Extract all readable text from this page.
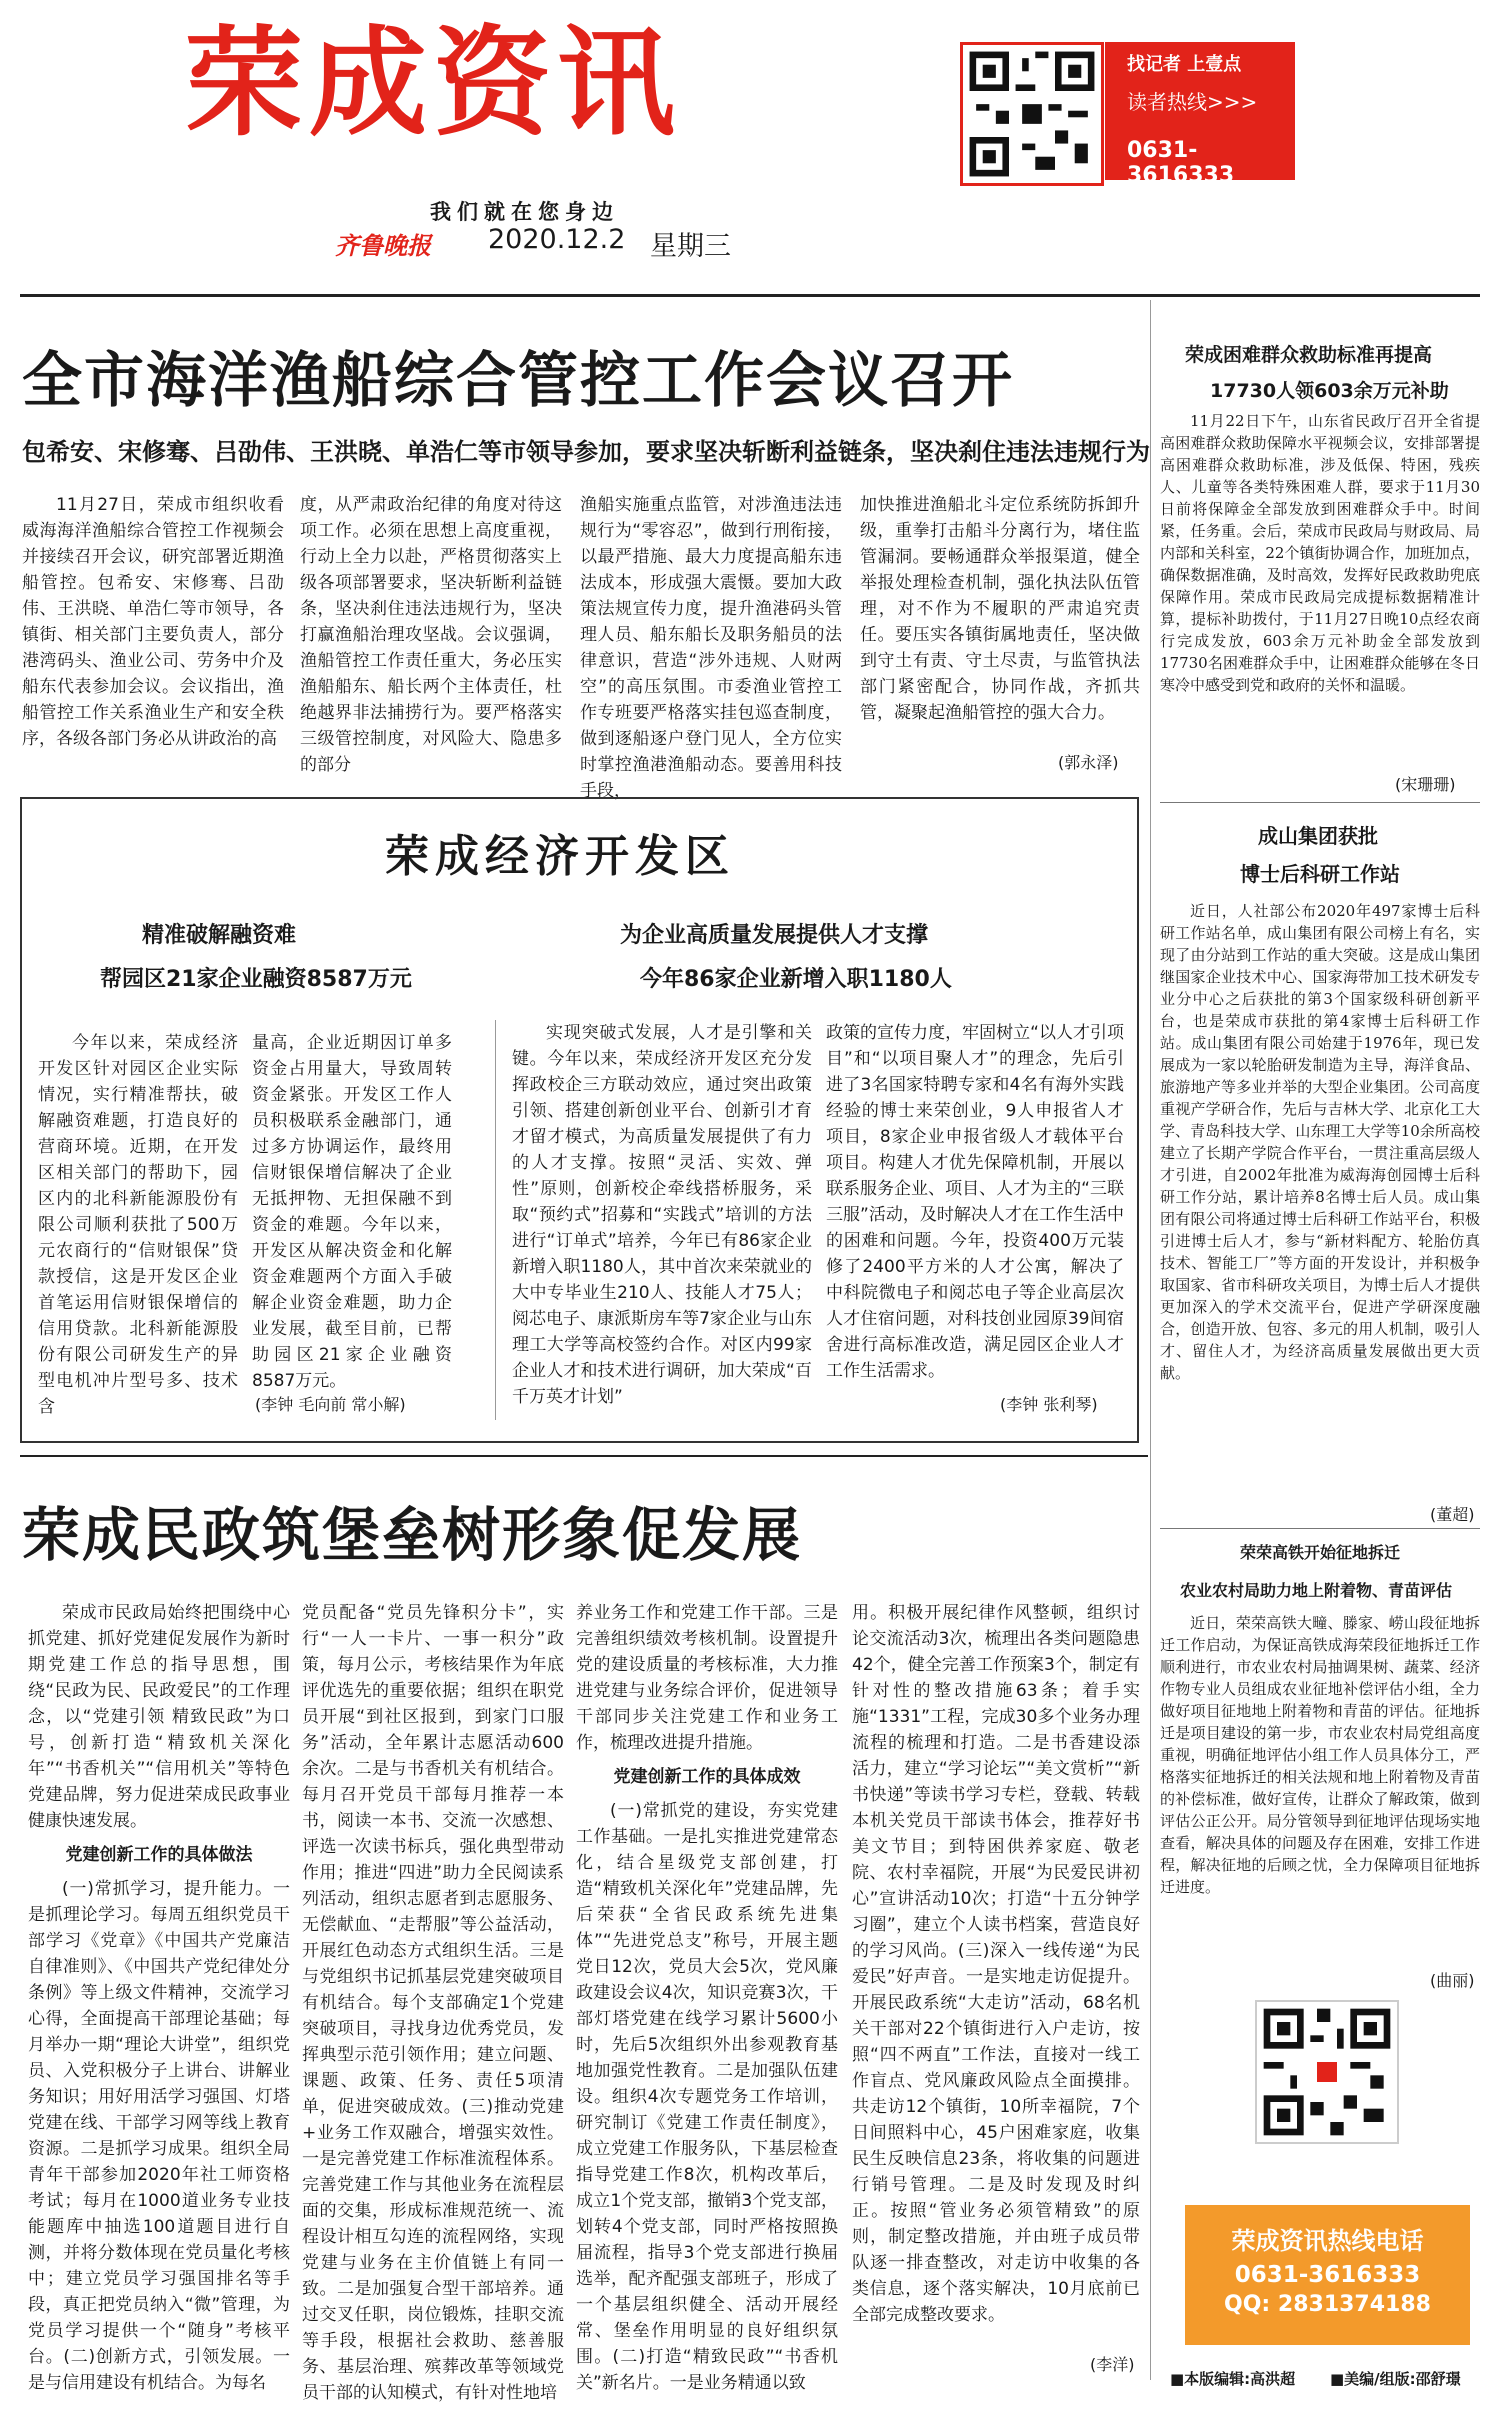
荣成资讯	找记者 上壹点
读者热线>>>
0631-3616333
我们就在您身边
齐鲁晚报 2020.12.2 星期三
全市海洋渔船综合管控工作会议召开
包希安、宋修骞、吕劭伟、王洪晓、单浩仁等市领导参加，要求坚决斩断利益链条，坚决刹住违法违规行为

11月27日，荣成市组织收看威海海洋渔船综合管控工作视频会并接续召开会议，研究部署近期渔船管控。包希安、宋修骞、吕劭伟、王洪晓、单浩仁等市领导，各镇街、相关部门主要负责人，部分港湾码头、渔业公司、劳务中介及船东代表参加会议。会议指出，渔船管控工作关系渔业生产和安全秩序，各级各部门务必从讲政治的高

度，从严肃政治纪律的角度对待这项工作。必须在思想上高度重视，行动上全力以赴，严格贯彻落实上级各项部署要求，坚决斩断利益链条，坚决刹住违法违规行为，坚决打赢渔船治理攻坚战。会议强调，渔船管控工作责任重大，务必压实渔船船东、船长两个主体责任，杜绝越界非法捕捞行为。要严格落实三级管控制度，对风险大、隐患多的部分

渔船实施重点监管，对涉渔违法违规行为“零容忍”，做到行刑衔接，以最严措施、最大力度提高船东违法成本，形成强大震慑。要加大政策法规宣传力度，提升渔港码头管理人员、船东船长及职务船员的法律意识，营造“涉外违规、人财两空”的高压氛围。市委渔业管控工作专班要严格落实挂包巡查制度，做到逐船逐户登门见人，全方位实时掌控渔港渔船动态。要善用科技手段，

加快推进渔船北斗定位系统防拆卸升级，重拳打击船斗分离行为，堵住监管漏洞。要畅通群众举报渠道，健全举报处理检查机制，强化执法队伍管理，对不作为不履职的严肃追究责任。要压实各镇街属地责任，坚决做到守土有责、守土尽责，与监管执法部门紧密配合，协同作战，齐抓共管，凝聚起渔船管控的强大合力。

(郭永泽)
荣成经济开发区
精准破解融资难
帮园区21家企业融资8587万元
为企业高质量发展提供人才支撑
今年86家企业新增入职1180人

今年以来，荣成经济开发区针对园区企业实际情况，实行精准帮扶，破解融资难题，打造良好的营商环境。近期，在开发区相关部门的帮助下，园区内的北科新能源股份有限公司顺利获批了500万元农商行的“信财银保”贷款授信，这是开发区企业首笔运用信财银保增信的信用贷款。北科新能源股份有限公司研发生产的异型电机冲片型号多、技术含

量高，企业近期因订单多资金占用量大，导致周转资金紧张。开发区工作人员积极联系金融部门，通过多方协调运作，最终用信财银保增信解决了企业无抵押物、无担保融不到资金的难题。今年以来，开发区从解决资金和化解资金难题两个方面入手破解企业资金难题，助力企业发展，截至目前，已帮助园区21家企业融资8587万元。

(李钟 毛向前 常小解)

实现突破式发展，人才是引擎和关键。今年以来，荣成经济开发区充分发挥政校企三方联动效应，通过突出政策引领、搭建创新创业平台、创新引才育才留才模式，为高质量发展提供了有力的人才支撑。按照“灵活、实效、弹性”原则，创新校企牵线搭桥服务，采取“预约式”招募和“实践式”培训的方法进行“订单式”培养，今年已有86家企业新增入职1180人，其中首次来荣就业的大中专毕业生210人、技能人才75人；阅芯电子、康派斯房车等7家企业与山东理工大学等高校签约合作。对区内99家企业人才和技术进行调研，加大荣成“百千万英才计划”

政策的宣传力度，牢固树立“以人才引项目”和“以项目聚人才”的理念，先后引进了3名国家特聘专家和4名有海外实践经验的博士来荣创业，9人申报省人才项目，8家企业申报省级人才载体平台项目。构建人才优先保障机制，开展以联系服务企业、项目、人才为主的“三联三服”活动，及时解决人才在工作生活中的困难和问题。今年，投资400万元装修了2400平方米的人才公寓，解决了中科院微电子和阅芯电子等企业高层次人才住宿问题，对科技创业园原39间宿舍进行高标准改造，满足园区企业人才工作生活需求。

(李钟 张利琴)
荣成民政筑堡垒树形象促发展

荣成市民政局始终把围绕中心抓党建、抓好党建促发展作为新时期党建工作总的指导思想，围绕“民政为民、民政爱民”的工作理念，以“党建引领 精致民政”为口号，创新打造“精致机关深化年”“书香机关”“信用机关”等特色党建品牌，努力促进荣成民政事业健康快速发展。

党建创新工作的具体做法

(一)常抓学习，提升能力。一是抓理论学习。每周五组织党员干部学习《党章》《中国共产党廉洁自律准则》、《中国共产党纪律处分条例》等上级文件精神，交流学习心得，全面提高干部理论基础；每月举办一期“理论大讲堂”，组织党员、入党积极分子上讲台、讲解业务知识；用好用活学习强国、灯塔党建在线、干部学习网等线上教育资源。二是抓学习成果。组织全局青年干部参加2020年社工师资格考试；每月在1000道业务专业技能题库中抽选100道题目进行自测，并将分数体现在党员量化考核中；建立党员学习强国排名等手段，真正把党员纳入“微”管理，为党员学习提供一个“随身”考核平台。(二)创新方式，引领发展。一是与信用建设有机结合。为每名

党员配备“党员先锋积分卡”，实行“一人一卡片、一事一积分”政策，每月公示，考核结果作为年底评优选先的重要依据；组织在职党员开展“到社区报到，到家门口服务”活动，全年累计志愿活动600余次。二是与书香机关有机结合。每月召开党员干部每月推荐一本书，阅读一本书、交流一次感想、评选一次读书标兵，强化典型带动作用；推进“四进”助力全民阅读系列活动，组织志愿者到志愿服务、无偿献血、“走帮服”等公益活动，开展红色动态方式组织生活。三是与党组织书记抓基层党建突破项目有机结合。每个支部确定1个党建突破项目，寻找身边优秀党员，发挥典型示范引领作用；建立问题、课题、政策、任务、责任5项清单，促进突破成效。(三)推动党建+业务工作双融合，增强实效性。一是完善党建工作标准流程体系。完善党建工作与其他业务在流程层面的交集，形成标准规范统一、流程设计相互勾连的流程网络，实现党建与业务在主价值链上有同一致。二是加强复合型干部培养。通过交叉任职，岗位锻炼，挂职交流等手段，根据社会救助、慈善服务、基层治理、殡葬改革等领域党员干部的认知模式，有针对性地培

养业务工作和党建工作干部。三是完善组织绩效考核机制。设置提升党的建设质量的考核标准，大力推进党建与业务综合评价，促进领导干部同步关注党建工作和业务工作，梳理改进提升措施。

党建创新工作的具体成效

(一)常抓党的建设，夯实党建工作基础。一是扎实推进党建常态化，结合星级党支部创建，打造“精致机关深化年”党建品牌，先后荣获“全省民政系统先进集体”“先进党总支”称号，开展主题党日12次，党员大会5次，党风廉政建设会议4次，知识竞赛3次，干部灯塔党建在线学习累计5600小时，先后5次组织外出参观教育基地加强党性教育。二是加强队伍建设。组织4次专题党务工作培训，研究制订《党建工作责任制度》，成立党建工作服务队，下基层检查指导党建工作8次，机构改革后，成立1个党支部，撤销3个党支部，划转4个党支部，同时严格按照换届流程，指导3个党支部进行换届选举，配齐配强支部班子，形成了一个基层组织健全、活动开展经常、堡垒作用明显的良好组织氛围。(二)打造“精致民政”“书香机关”新名片。一是业务精通以致

用。积极开展纪律作风整顿，组织讨论交流活动3次，梳理出各类问题隐患42个，健全完善工作预案3个，制定有针对性的整改措施63条；着手实施“1331”工程，完成30多个业务办理流程的梳理和打造。二是书香建设添活力，建立“学习论坛”“美文赏析”“新书快递”等读书学习专栏，登载、转载本机关党员干部读书体会，推荐好书美文节目；到特困供养家庭、敬老院、农村幸福院，开展“为民爱民讲初心”宣讲活动10次；打造“十五分钟学习圈”，建立个人读书档案，营造良好的学习风尚。(三)深入一线传递“为民爱民”好声音。一是实地走访促提升。开展民政系统“大走访”活动，68名机关干部对22个镇街进行入户走访，按照“四不两直”工作法，直接对一线工作盲点、党风廉政风险点全面摸排。共走访12个镇街，10所幸福院，7个日间照料中心，45户困难家庭，收集民生反映信息23条，将收集的问题进行销号管理。二是及时发现及时纠正。按照“管业务必须管精致”的原则，制定整改措施，并由班子成员带队逐一排查整改，对走访中收集的各类信息，逐个落实解决，10月底前已全部完成整改要求。

(李洋)
荣成困难群众救助标准再提高
17730人领603余万元补助

11月22日下午，山东省民政厅召开全省提高困难群众救助保障水平视频会议，安排部署提高困难群众救助标准，涉及低保、特困，残疾人、儿童等各类特殊困难人群，要求于11月30日前将保障金全部发放到困难群众手中。时间紧，任务重。会后，荣成市民政局与财政局、局内部和关科室，22个镇街协调合作，加班加点，确保数据准确，及时高效，发挥好民政救助兜底保障作用。荣成市民政局完成提标数据精准计算，提标补助拨付，于11月27日晚10点经农商行完成发放，603余万元补助金全部发放到17730名困难群众手中，让困难群众能够在冬日寒冷中感受到党和政府的关怀和温暖。

(宋珊珊)
成山集团获批
博士后科研工作站

近日，人社部公布2020年497家博士后科研工作站名单，成山集团有限公司榜上有名，实现了由分站到工作站的重大突破。这是成山集团继国家企业技术中心、国家海带加工技术研发专业分中心之后获批的第3个国家级科研创新平台，也是荣成市获批的第4家博士后科研工作站。成山集团有限公司始建于1976年，现已发展成为一家以轮胎研发制造为主导，海洋食品、旅游地产等多业并举的大型企业集团。公司高度重视产学研合作，先后与吉林大学、北京化工大学、青岛科技大学、山东理工大学等10余所高校建立了长期产学院合作平台，一贯注重高层级人才引进，自2002年批准为威海海创园博士后科研工作分站，累计培养8名博士后人员。成山集团有限公司将通过博士后科研工作站平台，积极引进博士后人才，参与“新材料配方、轮胎仿真技术、智能工厂”等方面的开发设计，并积极争取国家、省市科研攻关项目，为博士后人才提供更加深入的学术交流平台，促进产学研深度融合，创造开放、包容、多元的用人机制，吸引人才、留住人才，为经济高质量发展做出更大贡献。

(董超)
荣荣高铁开始征地拆迁
农业农村局助力地上附着物、青苗评估

近日，荣荣高铁大疃、滕家、崂山段征地拆迁工作启动，为保证高铁成海荣段征地拆迁工作顺利进行，市农业农村局抽调果树、蔬菜、经济作物专业人员组成农业征地补偿评估小组，全力做好项目征地地上附着物和青苗的评估。征地拆迁是项目建设的第一步，市农业农村局党组高度重视，明确征地评估小组工作人员具体分工，严格落实征地拆迁的相关法规和地上附着物及青苗的补偿标准，做好宣传，让群众了解政策，做到评估公正公开。局分管领导到征地评估现场实地查看，解决具体的问题及存在困难，安排工作进程，解决征地的后顾之忧，全力保障项目征地拆迁进度。

(曲丽)
荣成资讯热线电话
0631-3616333
QQ: 2831374188
■本版编辑:高洪超 ■美编/组版:邵舒璟
